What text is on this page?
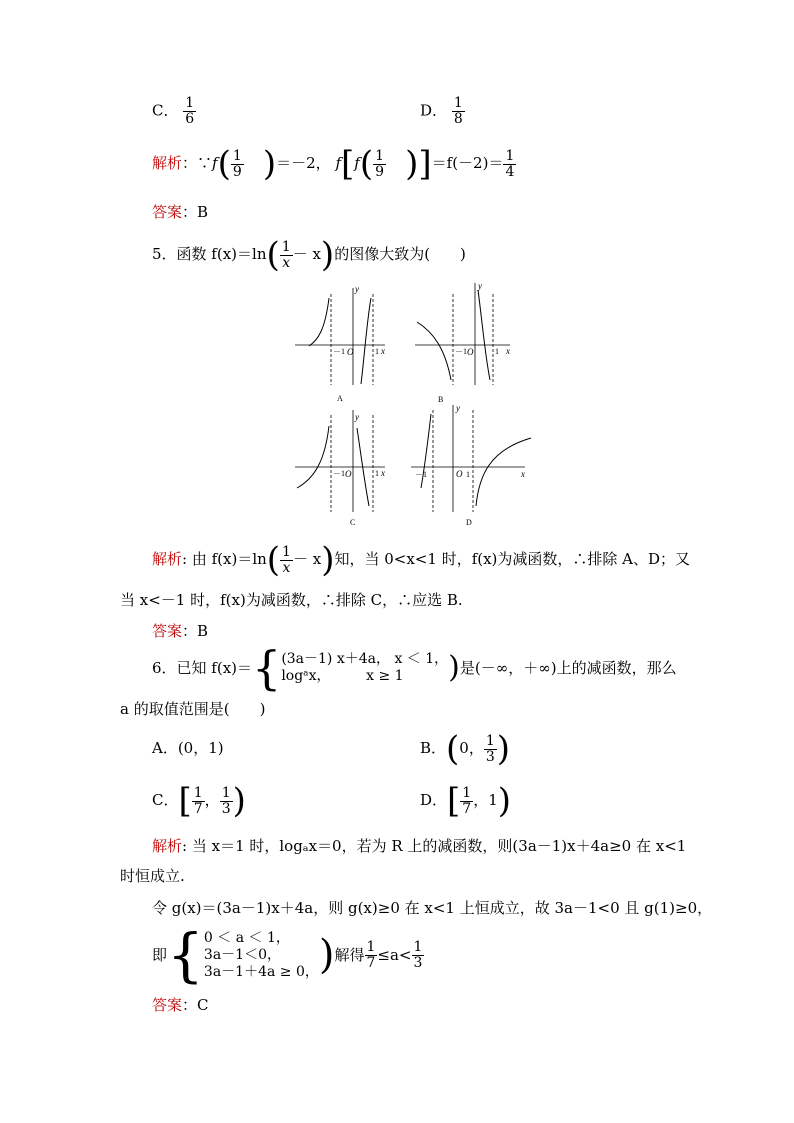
C． $\frac{1}{6}$	D． $\frac{1}{8}$
解析：∵f( $\frac{1}{9} )=-2$， $f[f( \frac{1}{9} )]=f(-2)= \frac{1}{4}$
答案：B
5．函数 $f(x)=\ln( \frac{1}{x} - x)$的图像大致为(　　)
y
x
O
－1	1
A
y
x
O
－1	1
B
y
x
O
－1	1
C
y
x
O
－1	1
D
解析: 由 $f(x)=\ln( \frac{1}{x} - x)$知，当 0<x<1 时，f(x)为减函数，∴排除 A、D；又
当 x<－1 时，f(x)为减函数，∴排除 C，∴应选 B.
答案：B
6．已知 f(x)＝ { (3a－1) x＋4a， x ＜ 1，
logᵃx，	x ≥ 1	) 是(－∞，＋∞)上的减函数，那么
a 的取值范围是(　　)
A．(0，1)	B．(0， $\frac{1}{3}$ )
C．[ $\frac{1}{7}$ ， $\frac{1}{3}$ )	D．[ $\frac{1}{7}$ ，1)
解析: 当 x＝1 时，logₐx＝0，若为 R 上的减函数，则(3a－1)x＋4a≥0 在 x<1
时恒成立.
令 g(x)＝(3a－1)x＋4a，则 g(x)≥0 在 x<1 上恒成立，故 3a－1<0 且 g(1)≥0，
即 { 0 ＜ a ＜ 1，
3a－1＜0，
3a－1＋4a ≥ 0， ) 解得 $\frac{1}{7} \le a< \frac{1}{3}$
答案：C
